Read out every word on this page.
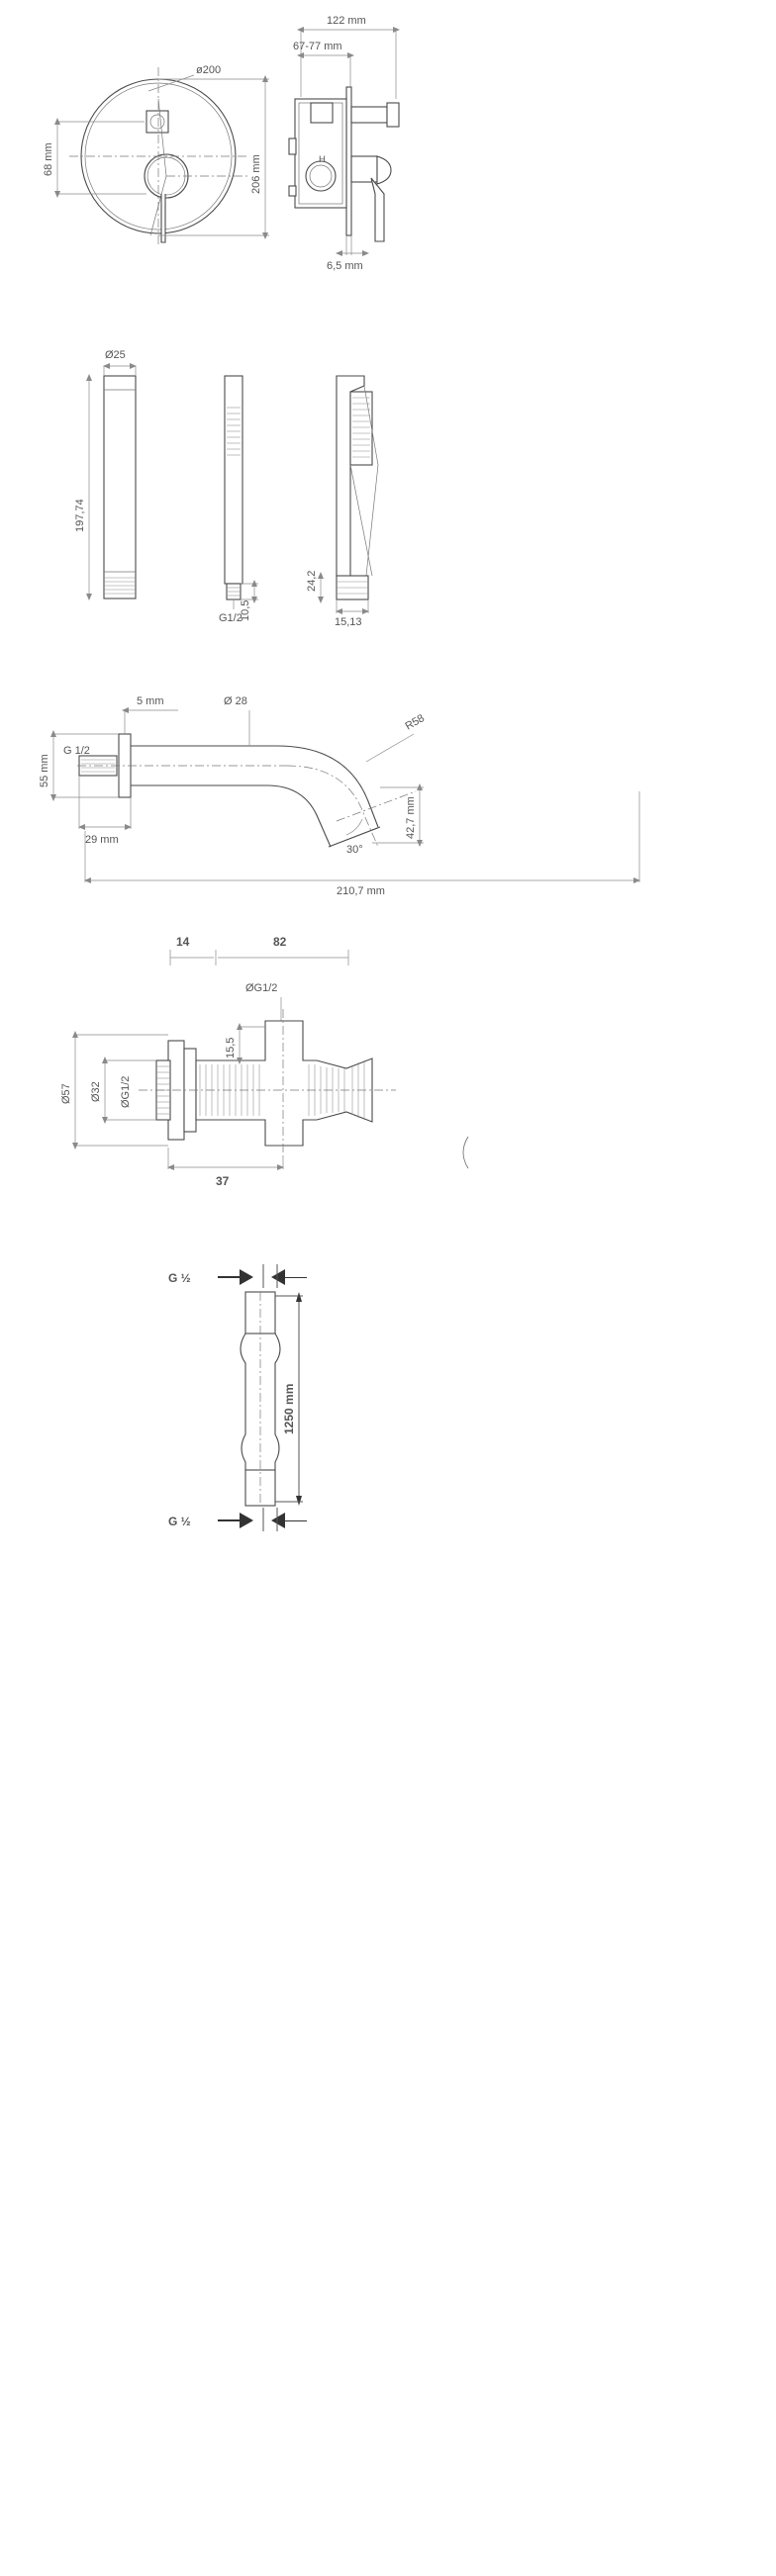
ø200
68 mm	206 mm	H
122 mm
67-77 mm
6,5 mm
Ø25
197,74
G1/2
10,5
24,2
15,13
5 mm	Ø 28
R58
55 mm
G 1/2
29 mm
30°
42,7 mm
210,7 mm
14	82
ØG1/2
15,5
Ø57 Ø32 ØG1/2
37
G ½
1250 mm
G ½
